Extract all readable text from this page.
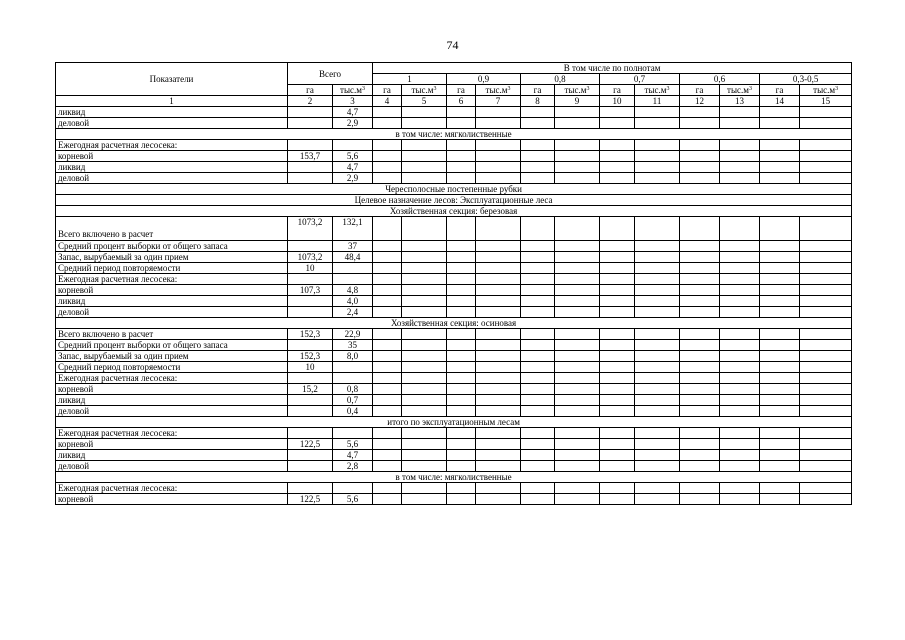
74
Показатели	Всего		В том числе по полнотам											
			1		0,9		0,8		0,7		0,6		0,3-0,5	
	га	$тыс.м^3$	га	$тыс.м^3$	га	$тыс.м^3$	га	$тыс.м^3$	га	$тыс.м^3$	га	$тыс.м^3$	га	$тыс.м^3$
1	2	3	4	5	6	7	8	9	10	11	12	13	14	15
ликвид		4,7												
деловой		2,9												
в том числе: мягколиственные														
Ежегодная расчетная лесосека:														
корневой	153,7	5,6												
ликвид		4,7												
деловой		2,9												
Чересполосные постепенные рубки														
Целевое назначение лесов: Эксплуатационные леса														
Хозяйственная секция: березовая														
Всего включено в расчет	1073,2	132,1												
Средний процент выборки от общего запаса		37												
Запас, вырубаемый за один прием	1073,2	48,4												
Средний период повторяемости	10													
Ежегодная расчетная лесосека:														
корневой	107,3	4,8												
ликвид		4,0												
деловой		2,4												
Хозяйственная секция: осиновая														
Всего включено в расчет	152,3	22,9												
Средний процент выборки от общего запаса		35												
Запас, вырубаемый за один прием	152,3	8,0												
Средний период повторяемости	10													
Ежегодная расчетная лесосека:														
корневой	15,2	0,8												
ликвид		0,7												
деловой		0,4												
итого по эксплуатационным лесам														
Ежегодная расчетная лесосека:														
корневой	122,5	5,6												
ликвид		4,7												
деловой		2,8												
в том числе: мягколиственные														
Ежегодная расчетная лесосека:														
корневой	122,5	5,6												
